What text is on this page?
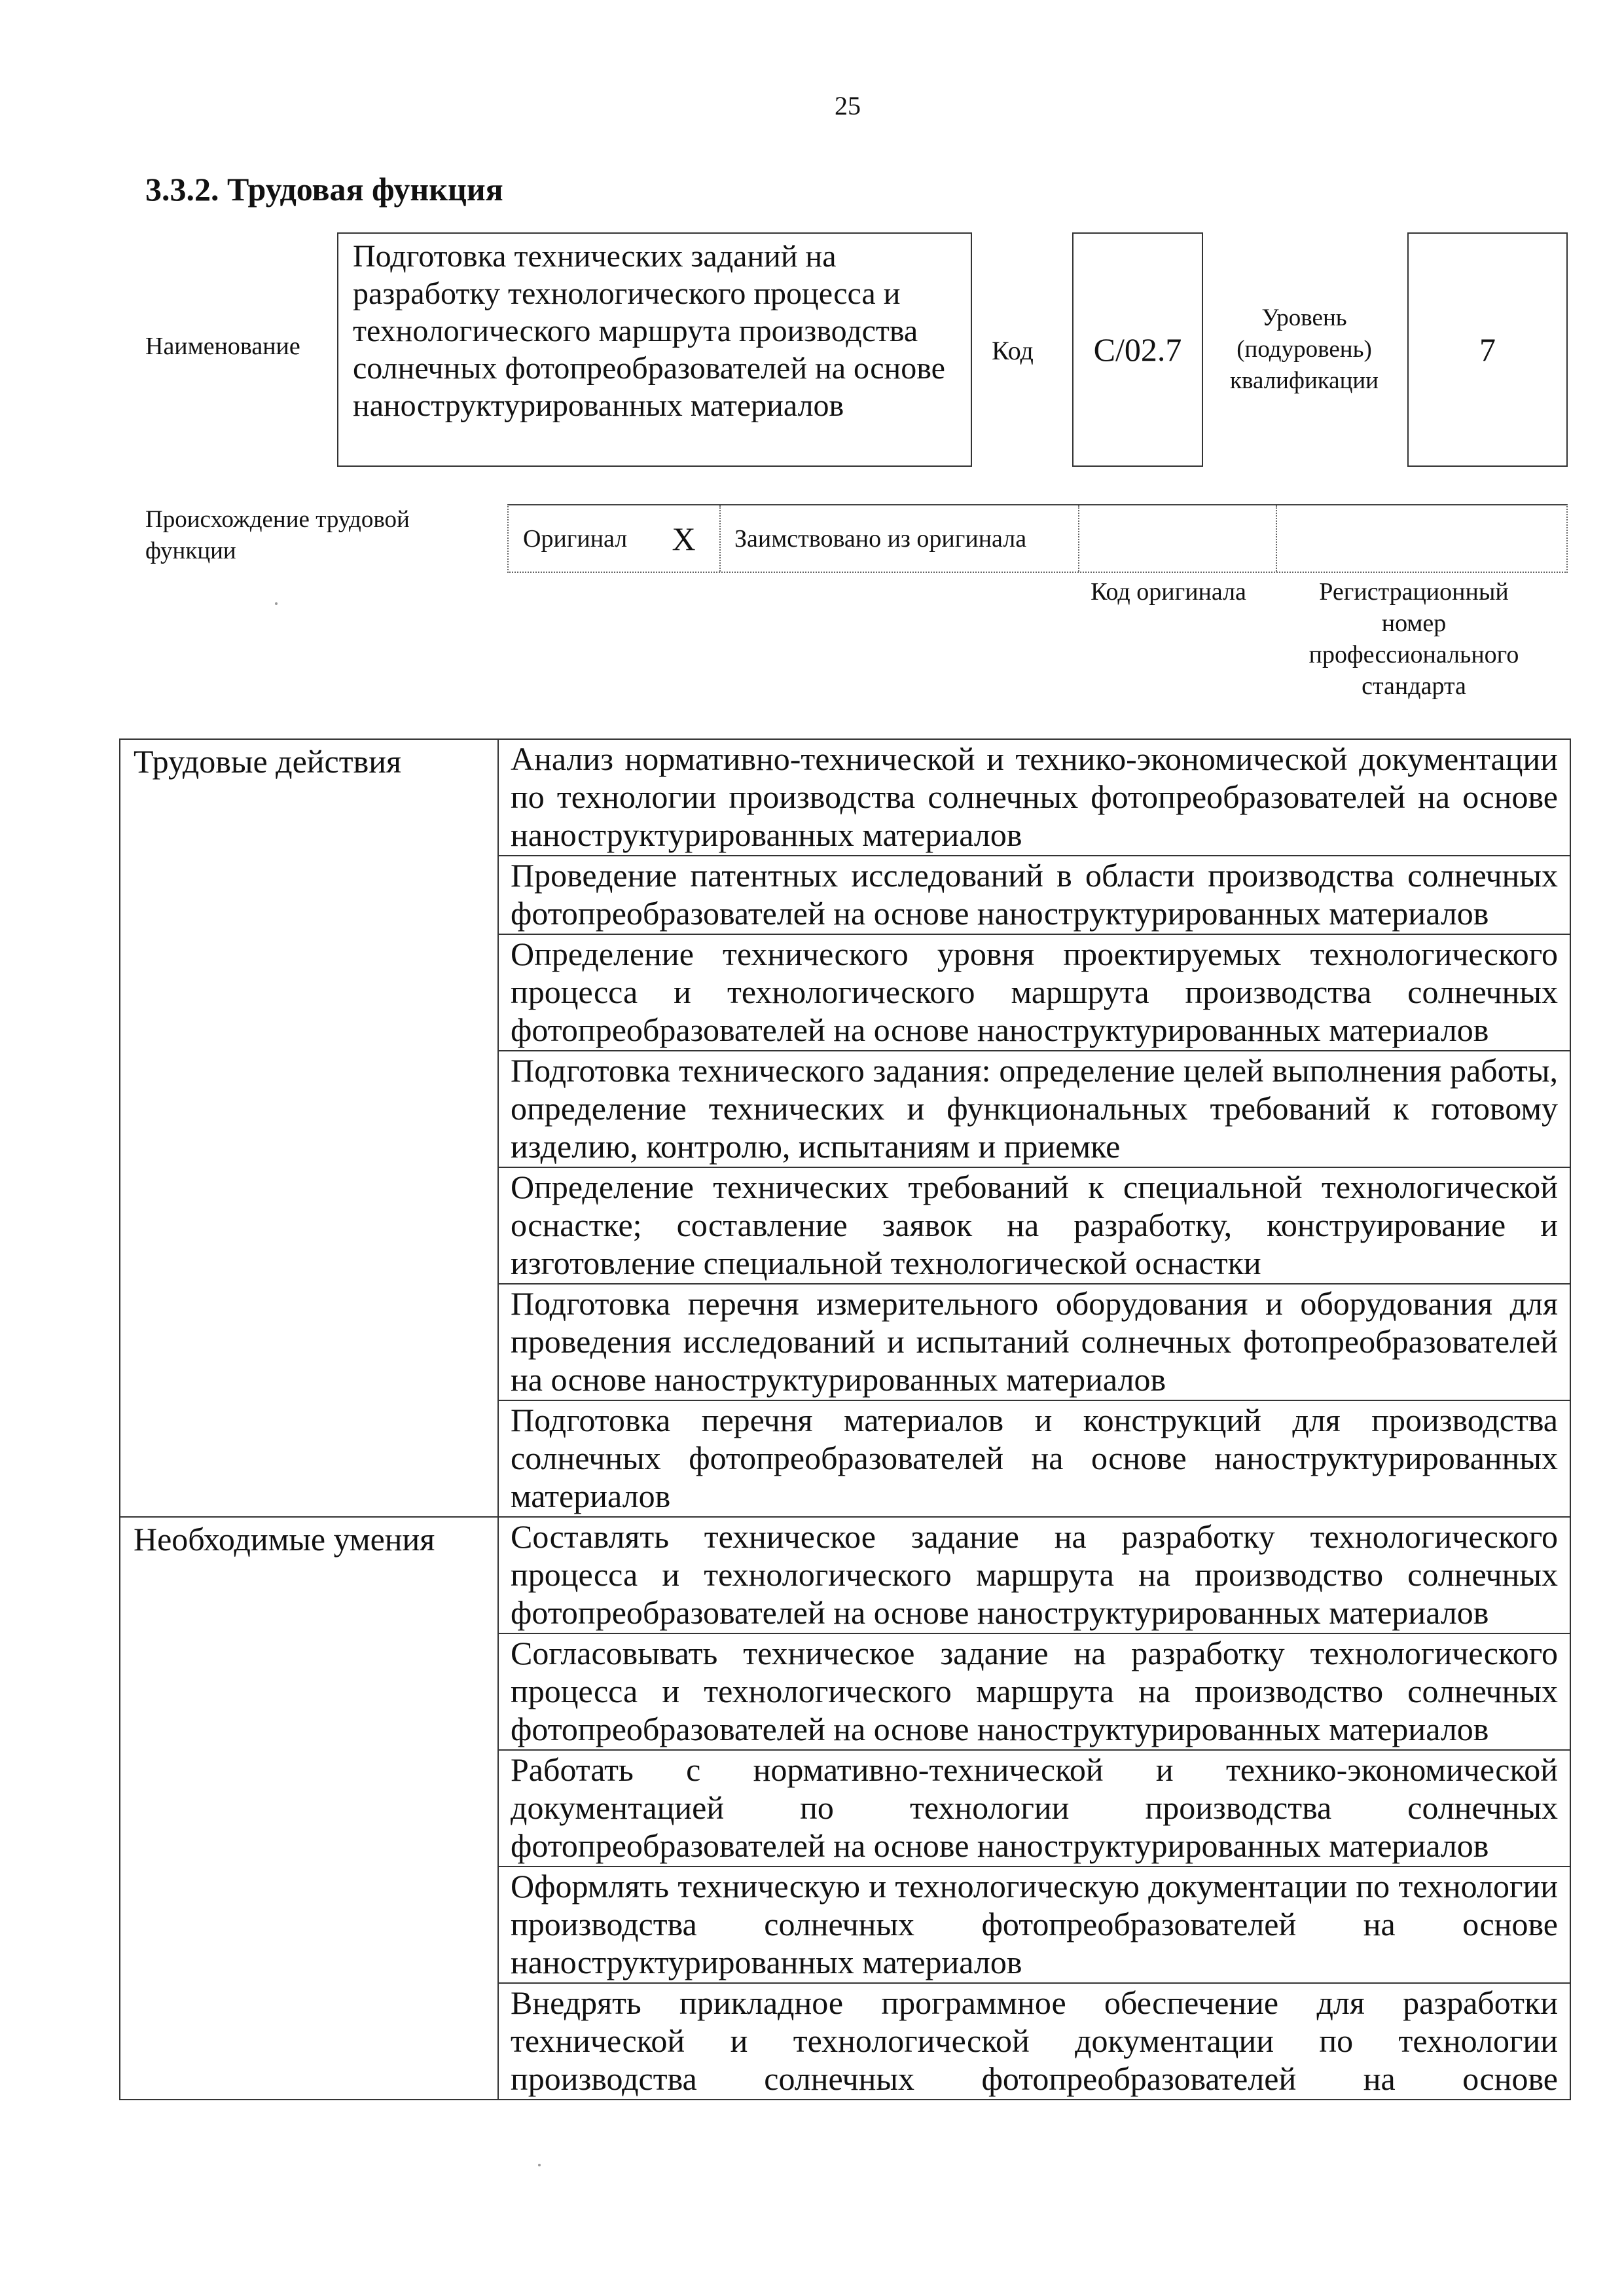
25
3.3.2. Трудовая функция
Наименование
Подготовка технических заданий на разработку технологического процесса и технологического маршрута производства солнечных фотопреобразователей на основе наноструктурированных материалов
Код C/02.7
Уровень (подуровень) квалификации
7
Происхождение трудовой функции	Оригинал	X	Заимствовано из оригинала
Код оригинала	Регистрационный номер профессионального стандарта
Трудовые действия	Анализ нормативно-технической и технико-экономической документации по технологии производства солнечных фотопреобразователей на основе наноструктурированных материалов
	Проведение патентных исследований в области производства солнечных фотопреобразователей на основе наноструктурированных материалов
	Определение технического уровня проектируемых технологического процесса и технологического маршрута производства солнечных фотопреобразователей на основе наноструктурированных материалов
	Подготовка технического задания: определение целей выполнения работы, определение технических и функциональных требований к готовому изделию, контролю, испытаниям и приемке
	Определение технических требований к специальной технологической оснастке; составление заявок на разработку, конструирование и изготовление специальной технологической оснастки
	Подготовка перечня измерительного оборудования и оборудования для проведения исследований и испытаний солнечных фотопреобразователей на основе наноструктурированных материалов
	Подготовка перечня материалов и конструкций для производства солнечных фотопреобразователей на основе наноструктурированных материалов
Необходимые умения	Составлять техническое задание на разработку технологического процесса и технологического маршрута на производство солнечных фотопреобразователей на основе наноструктурированных материалов
	Согласовывать техническое задание на разработку технологического процесса и технологического маршрута на производство солнечных фотопреобразователей на основе наноструктурированных материалов
	Работать с нормативно-технической и технико-экономической документацией по технологии производства солнечных фотопреобразователей на основе наноструктурированных материалов
	Оформлять техническую и технологическую документации по технологии производства солнечных фотопреобразователей на основе наноструктурированных материалов
	Внедрять прикладное программное обеспечение для разработки технической и технологической документации по технологии производства солнечных фотопреобразователей на основе
